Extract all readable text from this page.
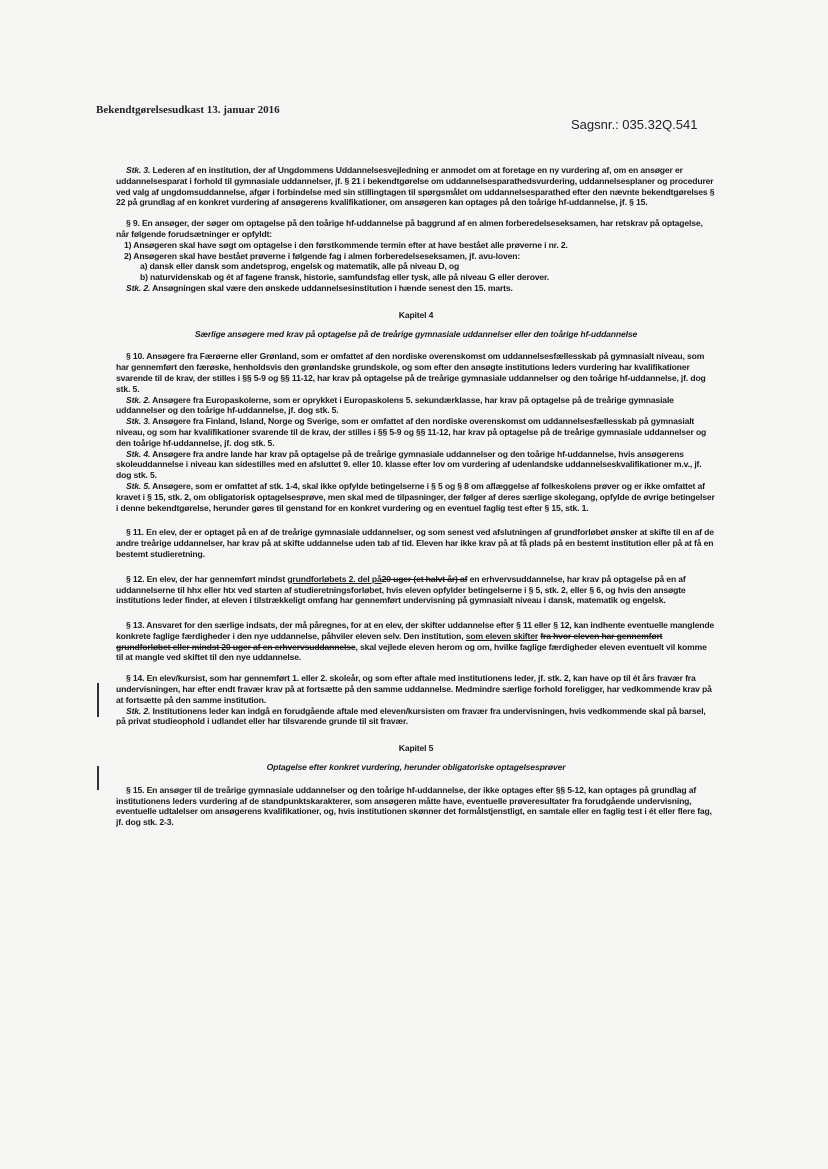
Bekendtgørelsesudkast 13. januar 2016
Sagsnr.: 035.32Q.541

Stk. 3. Lederen af en institution, der af Ungdommens Uddannelsesvejledning er anmodet om at foretage en ny vurdering af, om en ansøger er uddannelsesparat i forhold til gymnasiale uddannelser, jf. § 21 i bekendtgørelse om uddannelsesparathedsvurdering, uddannelsesplaner og procedurer ved valg af ungdomsuddannelse, afgør i forbindelse med sin stillingtagen til spørgsmålet om uddannelsesparathed efter den nævnte bekendtgørelses § 22 på grundlag af en konkret vurdering af ansøgerens kvalifikationer, om ansøgeren kan optages på den toårige hf-uddannelse, jf. § 15.

§ 9. En ansøger, der søger om optagelse på den toårige hf-uddannelse på baggrund af en almen forberedelseseksamen, har retskrav på optagelse, når følgende forudsætninger er opfyldt:

1) Ansøgeren skal have søgt om optagelse i den førstkommende termin efter at have bestået alle prøverne i nr. 2.
2) Ansøgeren skal have bestået prøverne i følgende fag i almen forberedelseseksamen, jf. avu-loven:
a) dansk eller dansk som andetsprog, engelsk og matematik, alle på niveau D, og
b) naturvidenskab og ét af fagene fransk, historie, samfundsfag eller tysk, alle på niveau G eller derover.

Stk. 2. Ansøgningen skal være den ønskede uddannelsesinstitution i hænde senest den 15. marts.

Kapitel 4
Særlige ansøgere med krav på optagelse på de treårige gymnasiale uddannelser eller den toårige hf-uddannelse

§ 10. Ansøgere fra Færøerne eller Grønland, som er omfattet af den nordiske overenskomst om uddannelsesfællesskab på gymnasialt niveau, som har gennemført den færøske, henholdsvis den grønlandske grundskole, og som efter den ansøgte institutions leders vurdering har kvalifikationer svarende til de krav, der stilles i §§ 5-9 og §§ 11-12, har krav på optagelse på de treårige gymnasiale uddannelser og den toårige hf-uddannelse, jf. dog stk. 5.

Stk. 2. Ansøgere fra Europaskolerne, som er oprykket i Europaskolens 5. sekundærklasse, har krav på optagelse på de treårige gymnasiale uddannelser og den toårige hf-uddannelse, jf. dog stk. 5.

Stk. 3. Ansøgere fra Finland, Island, Norge og Sverige, som er omfattet af den nordiske overenskomst om uddannelsesfællesskab på gymnasialt niveau, og som har kvalifikationer svarende til de krav, der stilles i §§ 5-9 og §§ 11-12, har krav på optagelse på de treårige gymnasiale uddannelser og den toårige hf-uddannelse, jf. dog stk. 5.

Stk. 4. Ansøgere fra andre lande har krav på optagelse på de treårige gymnasiale uddannelser og den toårige hf-uddannelse, hvis ansøgerens skoleuddannelse i niveau kan sidestilles med en afsluttet 9. eller 10. klasse efter lov om vurdering af udenlandske uddannelseskvalifikationer m.v., jf. dog stk. 5.

Stk. 5. Ansøgere, som er omfattet af stk. 1-4, skal ikke opfylde betingelserne i § 5 og § 8 om aflæggelse af folkeskolens prøver og er ikke omfattet af kravet i § 15, stk. 2, om obligatorisk optagelsesprøve, men skal med de tilpasninger, der følger af deres særlige skolegang, opfylde de øvrige betingelser i denne bekendtgørelse, herunder gøres til genstand for en konkret vurdering og en eventuel faglig test efter § 15, stk. 1.

§ 11. En elev, der er optaget på en af de treårige gymnasiale uddannelser, og som senest ved afslutningen af grundforløbet ønsker at skifte til en af de andre treårige uddannelser, har krav på at skifte uddannelse uden tab af tid. Eleven har ikke krav på at få plads på en bestemt institution eller på at få en bestemt studieretning.

§ 12. En elev, der har gennemført mindst grundforløbets 2. del på20 uger (et halvt år) af en erhvervsuddannelse, har krav på optagelse på en af uddannelserne til hhx eller htx ved starten af studieretningsforløbet, hvis eleven opfylder betingelserne i § 5, stk. 2, eller § 6, og hvis den ansøgte institutions leder finder, at eleven i tilstrækkeligt omfang har gennemført undervisning på gymnasialt niveau i dansk, matematik og engelsk.

§ 13. Ansvaret for den særlige indsats, der må påregnes, for at en elev, der skifter uddannelse efter § 11 eller § 12, kan indhente eventuelle manglende konkrete faglige færdigheder i den nye uddannelse, påhviler eleven selv. Den institution, som eleven skifter fra hvor eleven har gennemført grundforløbet eller mindst 20 uger af en erhvervsuddannelse, skal vejlede eleven herom og om, hvilke faglige færdigheder eleven eventuelt vil komme til at mangle ved skiftet til den nye uddannelse.

§ 14. En elev/kursist, som har gennemført 1. eller 2. skoleår, og som efter aftale med institutionens leder, jf. stk. 2, kan have op til ét års fravær fra undervisningen, har efter endt fravær krav på at fortsætte på den samme uddannelse. Medmindre særlige forhold foreligger, har vedkommende krav på at fortsætte på den samme institution.

Stk. 2. Institutionens leder kan indgå en forudgående aftale med eleven/kursisten om fravær fra undervisningen, hvis vedkommende skal på barsel, på privat studieophold i udlandet eller har tilsvarende grunde til sit fravær.

Kapitel 5
Optagelse efter konkret vurdering, herunder obligatoriske optagelsesprøver

§ 15. En ansøger til de treårige gymnasiale uddannelser og den toårige hf-uddannelse, der ikke optages efter §§ 5-12, kan optages på grundlag af institutionens leders vurdering af de standpunktskarakterer, som ansøgeren måtte have, eventuelle prøveresultater fra forudgående undervisning, eventuelle udtalelser om ansøgerens kvalifikationer, og, hvis institutionen skønner det formålstjenstligt, en samtale eller en faglig test i ét eller flere fag, jf. dog stk. 2-3.
